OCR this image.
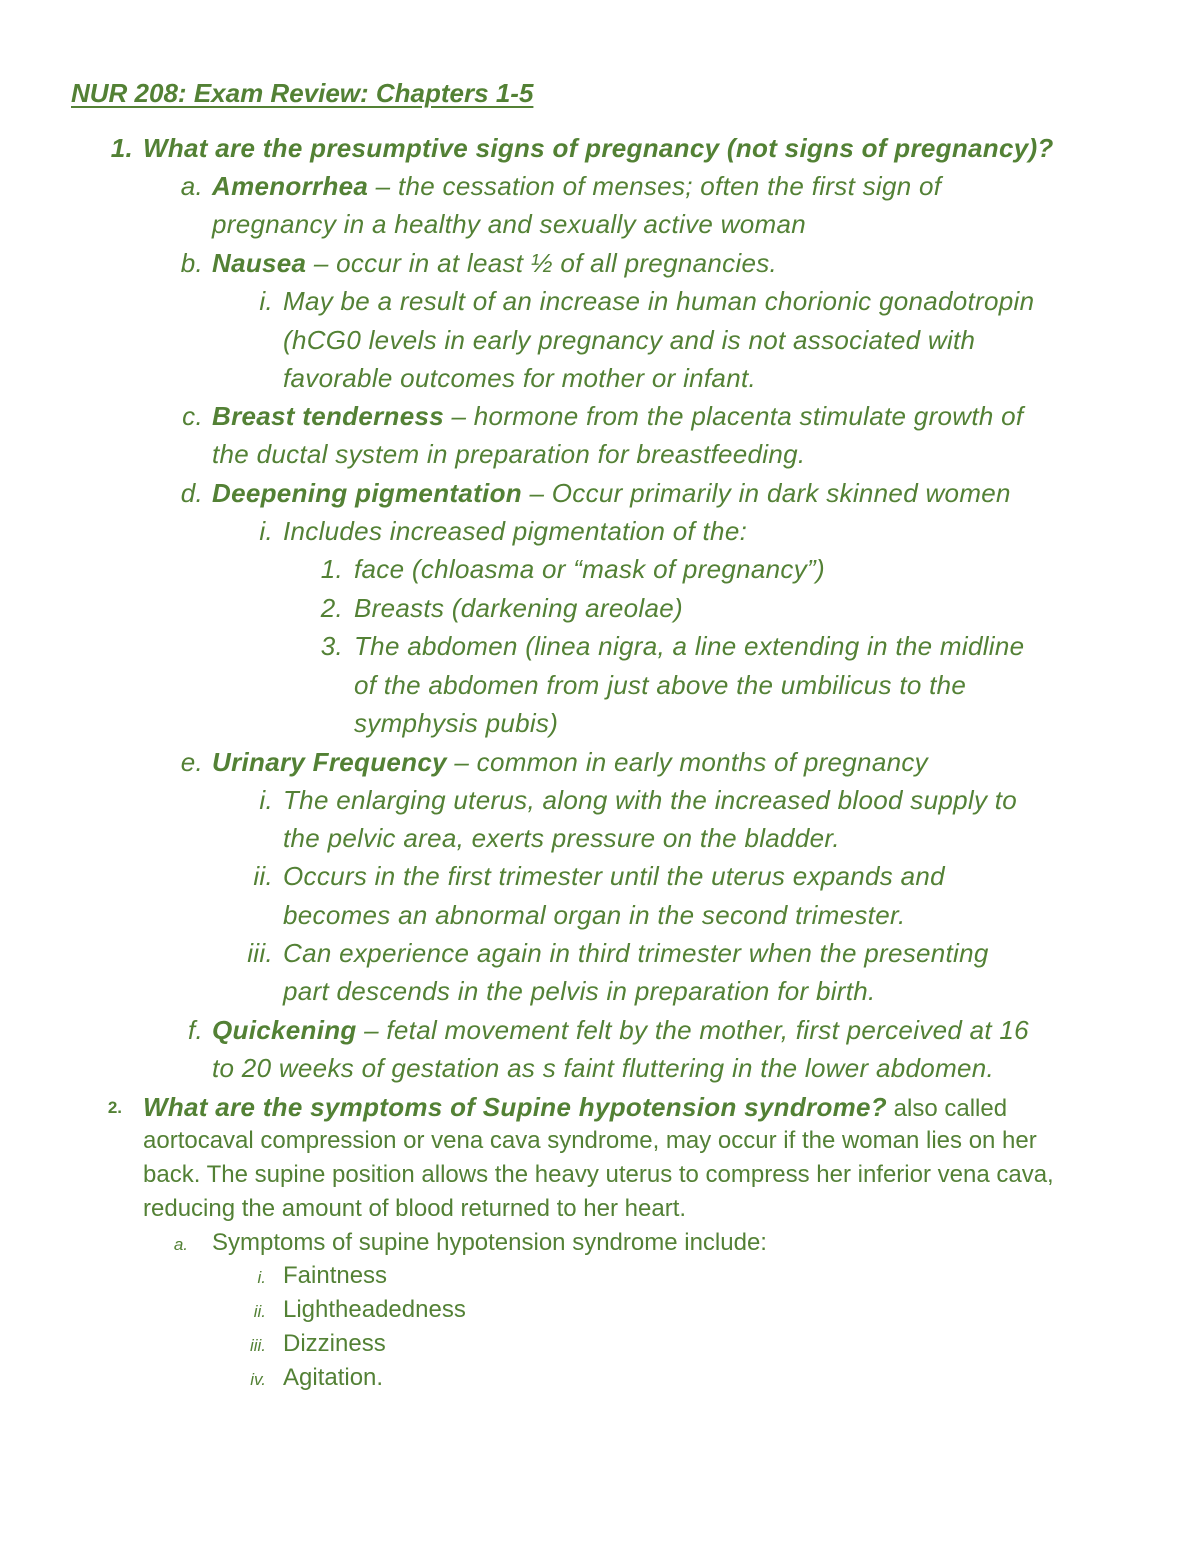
NUR 208: Exam Review: Chapters 1-5
1. What are the presumptive signs of pregnancy (not signs of pregnancy)?
a. Amenorrhea – the cessation of menses; often the first sign of
pregnancy in a healthy and sexually active woman
b. Nausea – occur in at least ½ of all pregnancies.
i. May be a result of an increase in human chorionic gonadotropin
(hCG0 levels in early pregnancy and is not associated with
favorable outcomes for mother or infant.
c. Breast tenderness – hormone from the placenta stimulate growth of
the ductal system in preparation for breastfeeding.
d. Deepening pigmentation – Occur primarily in dark skinned women
i. Includes increased pigmentation of the:
1. face (chloasma or “mask of pregnancy”)
2. Breasts (darkening areolae)
3. The abdomen (linea nigra, a line extending in the midline
of the abdomen from just above the umbilicus to the
symphysis pubis)
e. Urinary Frequency – common in early months of pregnancy
i. The enlarging uterus, along with the increased blood supply to
the pelvic area, exerts pressure on the bladder.
ii. Occurs in the first trimester until the uterus expands and
becomes an abnormal organ in the second trimester.
iii. Can experience again in third trimester when the presenting
part descends in the pelvis in preparation for birth.
f. Quickening – fetal movement felt by the mother, first perceived at 16
to 20 weeks of gestation as s faint fluttering in the lower abdomen.
2. What are the symptoms of Supine hypotension syndrome? also called
aortocaval compression or vena cava syndrome, may occur if the woman lies on her
back. The supine position allows the heavy uterus to compress her inferior vena cava,
reducing the amount of blood returned to her heart.
a. Symptoms of supine hypotension syndrome include:
i. Faintness
ii. Lightheadedness
iii. Dizziness
iv. Agitation.
